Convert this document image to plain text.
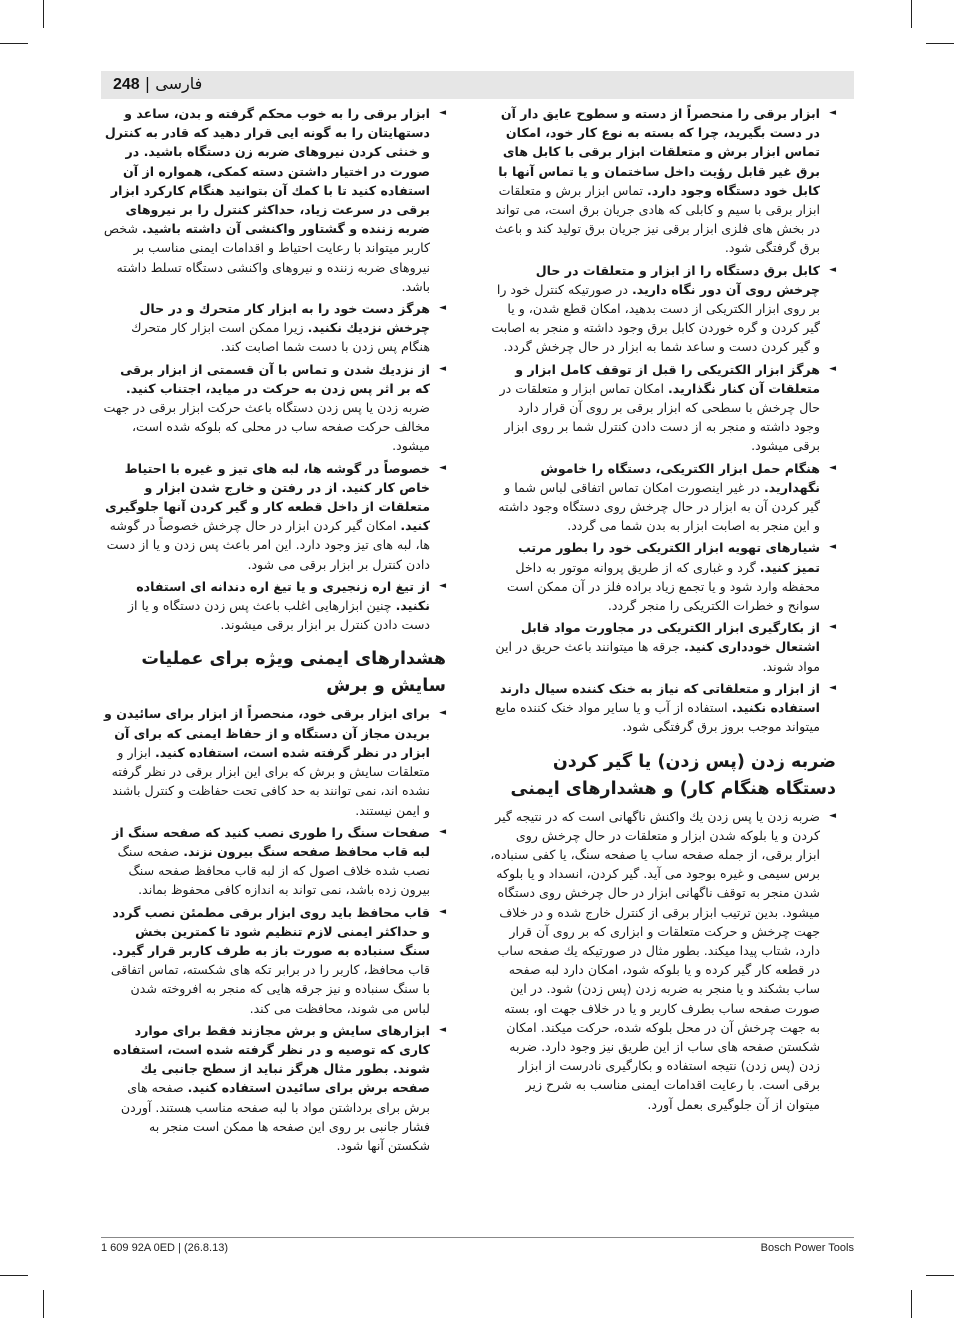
248 | فارسی
◄
ابزار برقی را منحصراً از دسته و سطوح عایق دار آن در دست بگیرید، چرا که بسته به نوع کار خود، امکان تماس ابزار برش و متعلقات ابزار برقی با کابل های برق غیر قابل رؤیت داخل ساختمان و یا تماس آنها با کابل خود دستگاه وجود دارد. تماس ابزار برش و متعلقات ابزار برقی با سیم و کابلی که هادی جریان برق است، می تواند در بخش های فلزی ابزار برقی نیز جریان برق تولید کند و باعث برق گرفتگی شود.
◄
کابل برق دستگاه را از ابزار و متعلقات در حال چرخش روی آن دور نگاه دارید. در صورتیکه کنترل خود را بر روی ابزار الکتریکی از دست بدهید، امکان قطع شدن، و یا گیر کردن و گره خوردن کابل برق وجود داشته و منجر به اصابت و گیر کردن دست و ساعد شما به ابزار در حال چرخش گردد.
◄
هرگز ابزار الکتریکی را قبل از توقف کامل ابزار و متعلقات آن کنار نگذارید. امکان تماس ابزار و متعلقات در حال چرخش با سطحی که ابزار برقی بر روی آن قرار دارد وجود داشته و منجر به از دست دادن کنترل شما بر روی ابزار برقی میشود.
◄
هنگام حمل ابزار الکتریکی، دستگاه را خاموش نگهدارید. در غیر اینصورت امکان تماس اتفاقی لباس شما و گیر کردن آن به ابزار در حال چرخش روی دستگاه وجود داشته و این منجر به اصابت ابزار به بدن شما می گردد.
◄
شیارهای تهویه ابزار الکتریکی خود را بطور مرتب تمیز کنید. گرد و غباری که از طریق پروانه موتور به داخل محفظه وارد شود و یا تجمع زیاد براده فلز در آن ممکن است سوانح و خطرات الکتریکی را منجر گردد.
◄
از بکارگیری ابزار الکتریکی در مجاورت مواد قابل اشتعال خودداری کنید. جرقه ها میتوانند باعث حریق در این مواد شوند.
◄
از ابزار و متعلقاتی که نیاز به خنک کننده سیال دارند استفاده نکنید. استفاده از آب و یا سایر مواد خنک کننده مایع میتواند موجب بروز برق گرفتگی شود.
ضربه زدن (پس زدن) یا گیر کردن دستگاه هنگام کار) و هشدارهای ایمنی
◄
ضربه زدن یا پس زدن یك واکنش ناگهانی است که در نتیجه گیر کردن و یا بلوکه شدن ابزار و متعلقات در حال چرخش روی ابزار برقی، از جمله صفحه ساب یا صفحه سنگ، یا کفی سنباده، برس سیمی و غیره بوجود می آید. گیر کردن، انسداد و یا بلوکه شدن منجر به توقف ناگهانی ابزار در حال چرخش روی دستگاه میشود. بدین ترتیب ابزار برقی از کنترل خارج شده و در خلاف جهت چرخش و حرکت متعلقات و ابزاری که بر روی آن قرار دارد، شتاب پیدا میکند. بطور مثال در صورتیکه یك صفحه ساب در قطعه کار گیر کرده و یا بلوکه شود، امکان دارد لبه صفحه ساب بشکند و یا منجر به ضربه زدن (پس زدن) شود. در این صورت صفحه ساب بطرف کاربر و یا در خلاف جهت او، بسته به جهت چرخش آن در محل بلوکه شده، حرکت میکند. امکان شکستن صفحه های ساب از این طریق نیز وجود دارد. ضربه زدن (پس زدن) نتیجه استفاده و بکارگیری نادرست از ابزار برقی است. با رعایت اقدامات ایمنی مناسب به شرح زیر میتوان از آن جلوگیری بعمل آورد.
◄
ابزار برقی را به خوب محکم گرفته و بدن، ساعد و دستهایتان را به گونه ایی قرار دهید که قادر به کنترل و خنثی کردن نیروهای ضربه زن دستگاه باشید. در صورت در اختیار داشتن دسته کمکی، همواره از آن استفاده کنید تا با کمك آن بتوانید هنگام کارکرد ابزار برقی در سرعت زیاد، حداکثر کنترل را بر نیروهای ضربه زننده و گشتاور واکنشی آن داشته باشید. شخص کاربر میتواند با رعایت احتیاط و اقدامات ایمنی مناسب بر نیروهای ضربه زننده و نیروهای واکنشی دستگاه تسلط داشته باشد.
◄
هرگز دست خود را به ابزار کار متحرك و در حال چرخش نزدیك نکنید. زیرا ممکن است ابزار کار متحرك هنگام پس زدن با دست شما اصابت کند.
◄
از نزدیك شدن و تماس با آن قسمتی از ابزار برقی که بر اثر پس زدن به حرکت در میاید، اجتناب کنید. ضربه زدن یا پس زدن دستگاه باعث حرکت ابزار برقی در جهت مخالف حرکت صفحه ساب در محلی که بلوکه شده است، میشود.
◄
خصوصاً در گوشه ها، لبه های تیز و غیره با احتیاط خاص کار کنید. از در رفتن و خارج شدن ابزار و متعلقات از داخل قطعه کار و گیر کردن آنها جلوگیری کنید. امکان گیر کردن ابزار در حال چرخش خصوصاً در گوشه ها، لبه های تیز وجود دارد. این امر باعث پس زدن و یا از دست دادن کنترل بر ابزار برقی می شود.
◄
از تیغ اره زنجیری و یا تیغ اره دندانه ای استفاده نکنید. چنین ابزارهایی اغلب باعث پس زدن دستگاه و یا از دست دادن کنترل بر ابزار برقی میشوند.
هشدارهای ایمنی ویژه برای عملیات سایش و برش
◄
برای ابزار برقی خود، منحصراً از ابزار برای سائیدن و بریدن مجاز آن دستگاه و از حفاظ ایمنی که برای آن ابزار در نظر گرفته شده است، استفاده کنید. ابزار و متعلقات سایش و برش که برای این ابزار برقی در نظر گرفته نشده اند، نمی توانند به حد کافی تحت حفاظت و کنترل باشند و ایمن نیستند.
◄
صفحات سنگ را طوری نصب کنید که صفحه سنگ از لبه قاب محافظ صفحه سنگ بیرون نزند. صفحه سنگ نصب شده خلاف اصول که از لبه قاب محافظ صفحه سنگ بیرون زده باشد، نمی تواند به اندازه کافی محفوظ بماند.
◄
قاب محافظ باید روی ابزار برقی مطمئن نصب گردد و حداکثر ایمنی لازم تنظیم شود تا کمترین بخش سنگ سنباده به صورت باز به طرف کاربر قرار گیرد. قاب محافظ، کاربر را در برابر تکه های شکسته، تماس اتفاقی با سنگ سنباده و نیز جرقه هایی که منجر به افروخته شدن لباس می شوند، محافظت می کند.
◄
ابزارهای سایش و برش مجازند فقط برای موارد کاری که توصیه و در نظر گرفته شده است، استفاده شوند. بطور مثال هرگز نباید از سطح جانبی یك صفحه برش برای سائیدن استفاده کنید. صفحه های برش برای برداشتن مواد با لبه صفحه مناسب هستند. آوردن فشار جانبی بر روی این صفحه ها ممکن است منجر به شکستن آنها شود.
1 609 92A 0ED | (26.8.13)	Bosch Power Tools
